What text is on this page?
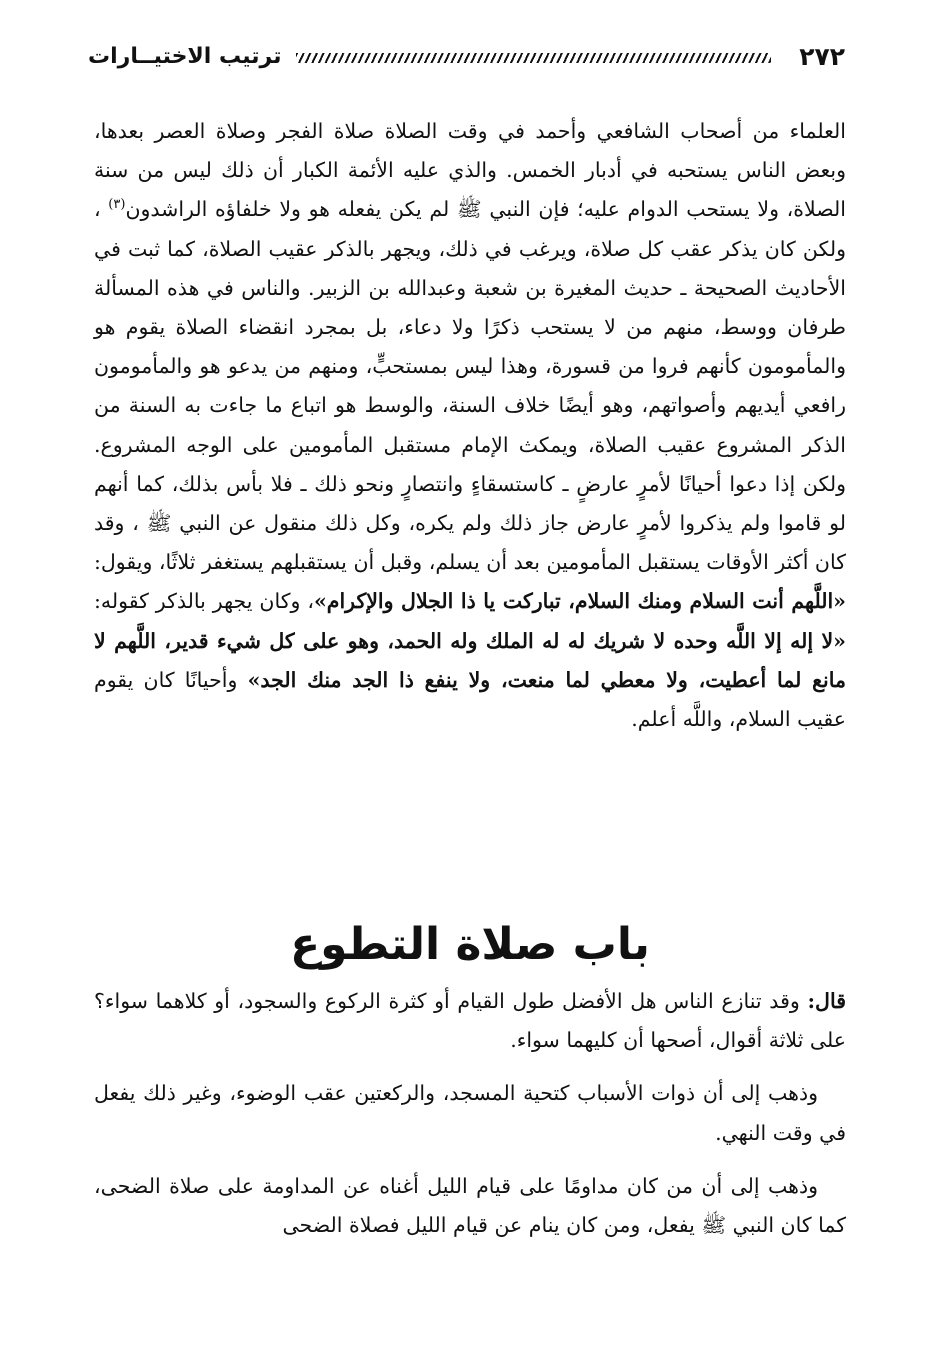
٢٧٢
ترتيب الاختيــارات

العلماء من أصحاب الشافعي وأحمد في وقت الصلاة صلاة الفجر وصلاة العصر بعدها، وبعض الناس يستحبه في أدبار الخمس. والذي عليه الأئمة الكبار أن ذلك ليس من سنة الصلاة، ولا يستحب الدوام عليه؛ فإن النبي ﷺ لم يكن يفعله هو ولا خلفاؤه الراشدون$^{(٣)}$ ، ولكن كان يذكر عقب كل صلاة، ويرغب في ذلك، ويجهر بالذكر عقيب الصلاة، كما ثبت في الأحاديث الصحيحة ـ حديث المغيرة بن شعبة وعبدالله بن الزبير. والناس في هذه المسألة طرفان ووسط، منهم من لا يستحب ذكرًا ولا دعاء، بل بمجرد انقضاء الصلاة يقوم هو والمأمومون كأنهم فروا من قسورة، وهذا ليس بمستحبٍّ، ومنهم من يدعو هو والمأمومون رافعي أيديهم وأصواتهم، وهو أيضًا خلاف السنة، والوسط هو اتباع ما جاءت به السنة من الذكر المشروع عقيب الصلاة، ويمكث الإمام مستقبل المأمومين على الوجه المشروع. ولكن إذا دعوا أحيانًا لأمرٍ عارضٍ ـ كاستسقاءٍ وانتصارٍ ونحو ذلك ـ فلا بأس بذلك، كما أنهم لو قاموا ولم يذكروا لأمرٍ عارض جاز ذلك ولم يكره، وكل ذلك منقول عن النبي ﷺ ، وقد كان أكثر الأوقات يستقبل المأمومين بعد أن يسلم، وقبل أن يستقبلهم يستغفر ثلاثًا، ويقول: «اللَّهم أنت السلام ومنك السلام، تباركت يا ذا الجلال والإكرام»، وكان يجهر بالذكر كقوله: «لا إله إلا اللَّه وحده لا شريك له له الملك وله الحمد، وهو على كل شيء قدير، اللَّهم لا مانع لما أعطيت، ولا معطي لما منعت، ولا ينفع ذا الجد منك الجد» وأحيانًا كان يقوم عقيب السلام، واللَّه أعلم.

باب صلاة التطوع

قال: وقد تنازع الناس هل الأفضل طول القيام أو كثرة الركوع والسجود، أو كلاهما سواء؟ على ثلاثة أقوال، أصحها أن كليهما سواء.

وذهب إلى أن ذوات الأسباب كتحية المسجد، والركعتين عقب الوضوء، وغير ذلك يفعل في وقت النهي.

وذهب إلى أن من كان مداومًا على قيام الليل أغناه عن المداومة على صلاة الضحى، كما كان النبي ﷺ يفعل، ومن كان ينام عن قيام الليل فصلاة الضحى
